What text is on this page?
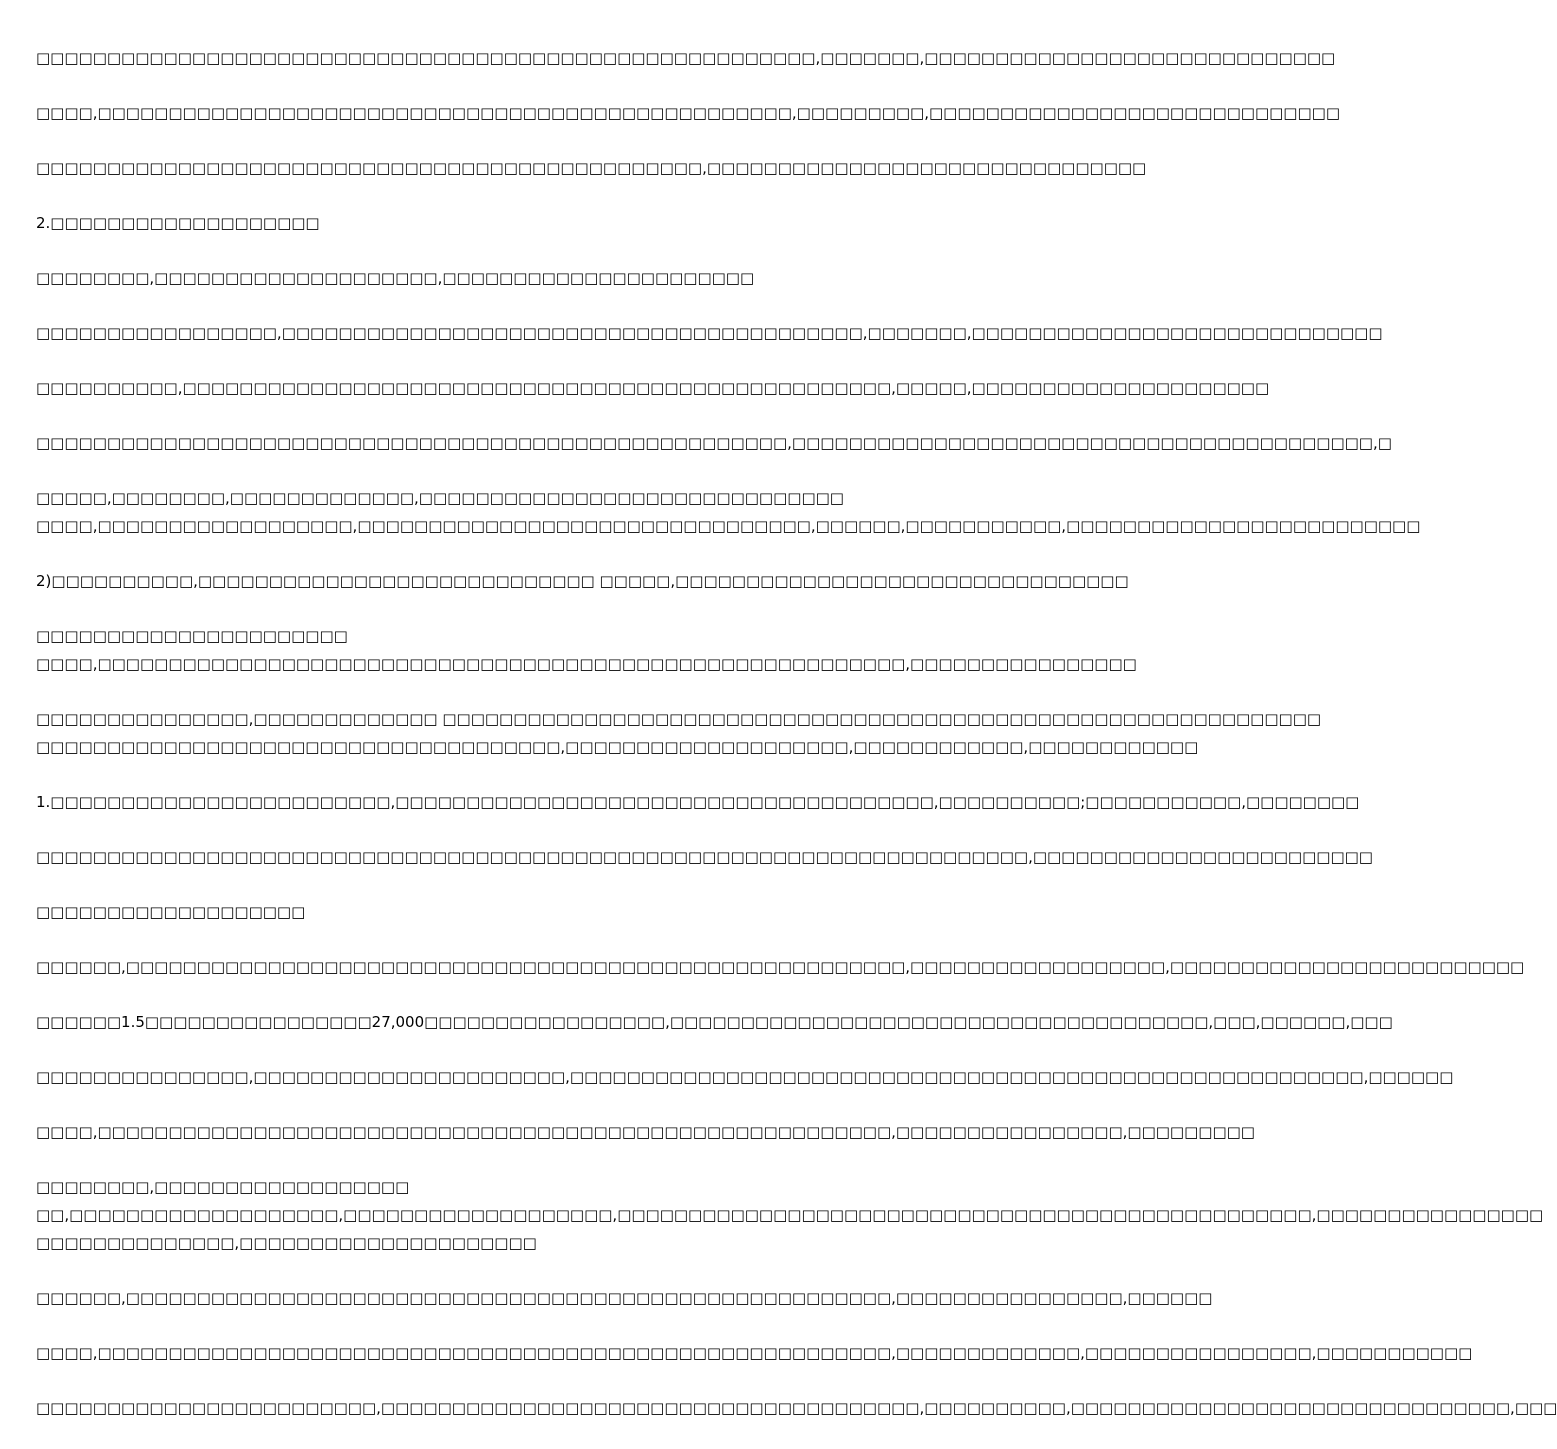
□□□□□□□□□□□□□□□□□□□□□□□□□□□□□□□□□□□□□□□□□□□□□□□□□□□□□□□,□□□□□□□,□□□□□□□□□□□□□□□□□□□□□□□□□□□□□

□□□□,□□□□□□□□□□□□□□□□□□□□□□□□□□□□□□□□□□□□□□□□□□□□□□□□□,□□□□□□□□□,□□□□□□□□□□□□□□□□□□□□□□□□□□□□□

□□□□□□□□□□□□□□□□□□□□□□□□□□□□□□□□□□□□□□□□□□□□□□□,□□□□□□□□□□□□□□□□□□□□□□□□□□□□□□□

2.□□□□□□□□□□□□□□□□□□□

□□□□□□□□,□□□□□□□□□□□□□□□□□□□□,□□□□□□□□□□□□□□□□□□□□□□

□□□□□□□□□□□□□□□□□,□□□□□□□□□□□□□□□□□□□□□□□□□□□□□□□□□□□□□□□□□,□□□□□□□,□□□□□□□□□□□□□□□□□□□□□□□□□□□□□

□□□□□□□□□□,□□□□□□□□□□□□□□□□□□□□□□□□□□□□□□□□□□□□□□□□□□□□□□□□□□,□□□□□,□□□□□□□□□□□□□□□□□□□□□

□□□□□□□□□□□□□□□□□□□□□□□□□□□□□□□□□□□□□□□□□□□□□□□□□□□□□,□□□□□□□□□□□□□□□□□□□□□□□□□□□□□□□□□□□□□□□□□,□

□□□□□,□□□□□□□□,□□□□□□□□□□□□□,□□□□□□□□□□□□□□□□□□□□□□□□□□□□□□

□□□□,□□□□□□□□□□□□□□□□□□,□□□□□□□□□□□□□□□□□□□□□□□□□□□□□□□□,□□□□□□,□□□□□□□□□□□,□□□□□□□□□□□□□□□□□□□□□□□□□

2)□□□□□□□□□□,□□□□□□□□□□□□□□□□□□□□□□□□□□□□ □□□□□,□□□□□□□□□□□□□□□□□□□□□□□□□□□□□□□□

□□□□□□□□□□□□□□□□□□□□□□

□□□□,□□□□□□□□□□□□□□□□□□□□□□□□□□□□□□□□□□□□□□□□□□□□□□□□□□□□□□□□□,□□□□□□□□□□□□□□□□

□□□□□□□□□□□□□□□,□□□□□□□□□□□□□ □□□□□□□□□□□□□□□□□□□□□□□□□□□□□□□□□□□□□□□□□□□□□□□□□□□□□□□□□□□□□□

□□□□□□□□□□□□□□□□□□□□□□□□□□□□□□□□□□□□□,□□□□□□□□□□□□□□□□□□□□,□□□□□□□□□□□□,□□□□□□□□□□□□

1.□□□□□□□□□□□□□□□□□□□□□□□□,□□□□□□□□□□□□□□□□□□□□□□□□□□□□□□□□□□□□□□,□□□□□□□□□□;□□□□□□□□□□□,□□□□□□□□

□□□□□□□□□□□□□□□□□□□□□□□□□□□□□□□□□□□□□□□□□□□□□□□□□□□□□□□□□□□□□□□□□□□□□□,□□□□□□□□□□□□□□□□□□□□□□□□

□□□□□□□□□□□□□□□□□□□

□□□□□□,□□□□□□□□□□□□□□□□□□□□□□□□□□□□□□□□□□□□□□□□□□□□□□□□□□□□□□□,□□□□□□□□□□□□□□□□□□,□□□□□□□□□□□□□□□□□□□□□□□□□

□□□□□□1.5□□□□□□□□□□□□□□□□27,000□□□□□□□□□□□□□□□□□,□□□□□□□□□□□□□□□□□□□□□□□□□□□□□□□□□□□□□□,□□□,□□□□□□,□□□

□□□□□□□□□□□□□□□,□□□□□□□□□□□□□□□□□□□□□□,□□□□□□□□□□□□□□□□□□□□□□□□□□□□□□□□□□□□□□□□□□□□□□□□□□□□□□□□,□□□□□□

□□□□,□□□□□□□□□□□□□□□□□□□□□□□□□□□□□□□□□□□□□□□□□□□□□□□□□□□□□□□□,□□□□□□□□□□□□□□□□,□□□□□□□□□

□□□□□□□□,□□□□□□□□□□□□□□□□□□

□□,□□□□□□□□□□□□□□□□□□□,□□□□□□□□□□□□□□□□□□□,□□□□□□□□□□□□□□□□□□□□□□□□□□□□□□□□□□□□□□□□□□□□□□□□□,□□□□□□□□□□□□□□□□

□□□□□□□□□□□□□□,□□□□□□□□□□□□□□□□□□□□□

□□□□□□,□□□□□□□□□□□□□□□□□□□□□□□□□□□□□□□□□□□□□□□□□□□□□□□□□□□□□□,□□□□□□□□□□□□□□□□,□□□□□□

□□□□,□□□□□□□□□□□□□□□□□□□□□□□□□□□□□□□□□□□□□□□□□□□□□□□□□□□□□□□□,□□□□□□□□□□□□□,□□□□□□□□□□□□□□□□,□□□□□□□□□□□

□□□□□□□□□□□□□□□□□□□□□□□□,□□□□□□□□□□□□□□□□□□□□□□□□□□□□□□□□□□□□□□,□□□□□□□□□□,□□□□□□□□□□□□□□□□□□□□□□□□□□□□□□□,□□□
